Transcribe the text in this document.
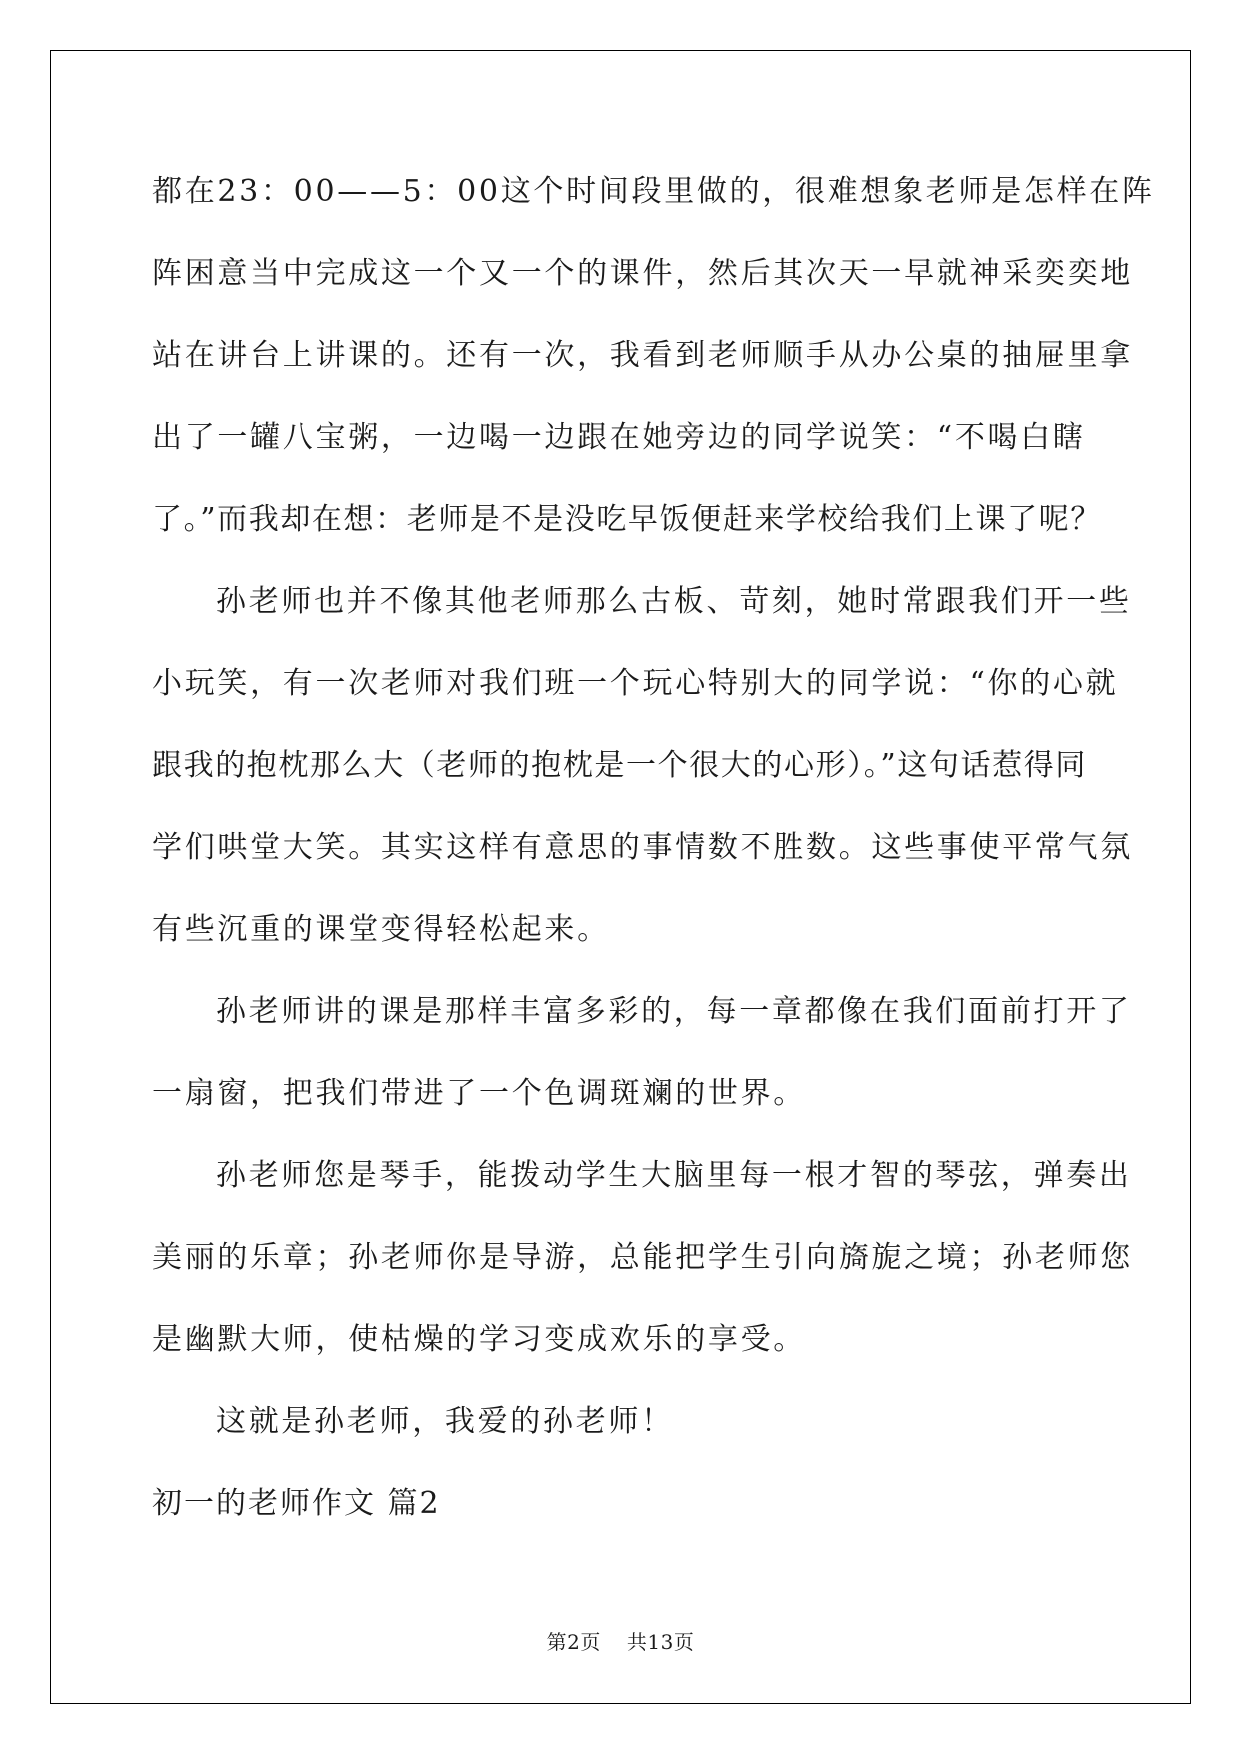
都在23：00——5：00这个时间段里做的，很难想象老师是怎样在阵
阵困意当中完成这一个又一个的课件，然后其次天一早就神采奕奕地
站在讲台上讲课的。还有一次，我看到老师顺手从办公桌的抽屉里拿
出了一罐八宝粥，一边喝一边跟在她旁边的同学说笑：“不喝白瞎
了。”而我却在想：老师是不是没吃早饭便赶来学校给我们上课了呢？
孙老师也并不像其他老师那么古板、苛刻，她时常跟我们开一些
小玩笑，有一次老师对我们班一个玩心特别大的同学说：“你的心就
跟我的抱枕那么大（老师的抱枕是一个很大的心形）。”这句话惹得同
学们哄堂大笑。其实这样有意思的事情数不胜数。这些事使平常气氛
有些沉重的课堂变得轻松起来。
孙老师讲的课是那样丰富多彩的，每一章都像在我们面前打开了
一扇窗，把我们带进了一个色调斑斓的世界。
孙老师您是琴手，能拨动学生大脑里每一根才智的琴弦，弹奏出
美丽的乐章；孙老师你是导游，总能把学生引向旖旎之境；孙老师您
是幽默大师，使枯燥的学习变成欢乐的享受。
这就是孙老师，我爱的孙老师！
初一的老师作文 篇2
第2页 共13页
